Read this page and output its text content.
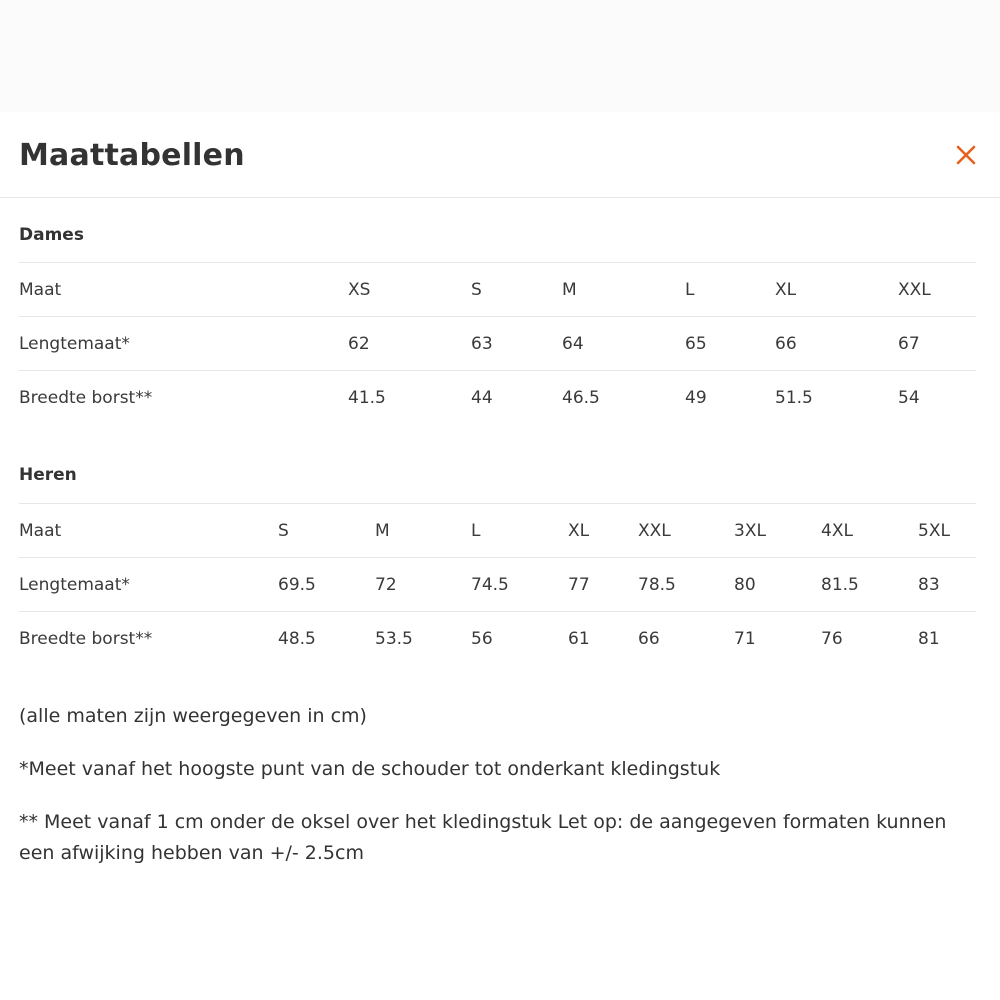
Maattabellen
Dames
Maat	XS	S	M	L	XL	XXL
Lengtemaat*	62	63	64	65	66	67
Breedte borst**	41.5	44	46.5	49	51.5	54
Heren
Maat	S	M	L	XL	XXL	3XL	4XL	5XL
Lengtemaat*	69.5	72	74.5	77	78.5	80	81.5	83
Breedte borst**	48.5	53.5	56	61	66	71	76	81

(alle maten zijn weergegeven in cm)

*Meet vanaf het hoogste punt van de schouder tot onderkant kledingstuk

** Meet vanaf 1 cm onder de oksel over het kledingstuk Let op: de aangegeven formaten kunnen een afwijking hebben van +/- 2.5cm
